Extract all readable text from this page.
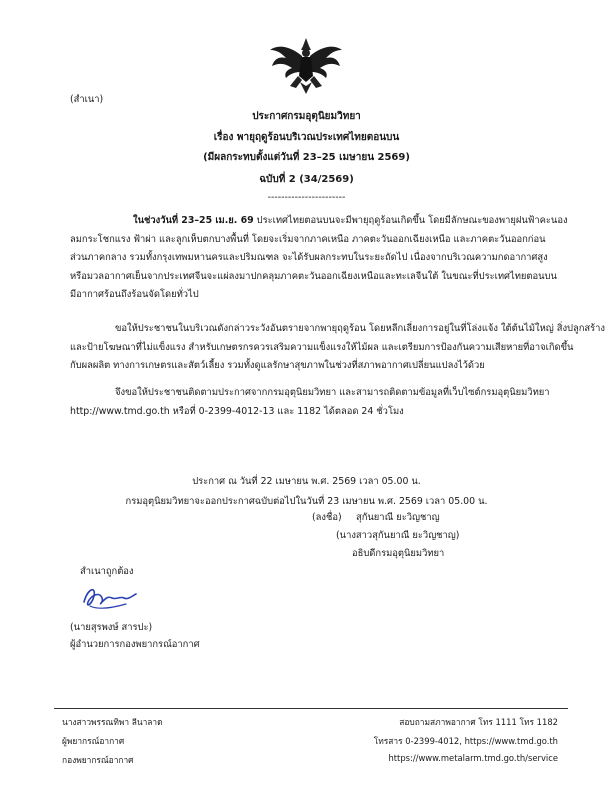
(สำเนา)
ประกาศกรมอุตุนิยมวิทยา
เรื่อง พายุฤดูร้อนบริเวณประเทศไทยตอนบน
(มีผลกระทบตั้งแต่วันที่ 23–25 เมษายน 2569)
ฉบับที่ 2 (34/2569)
-----------------------
ในช่วงวันที่ 23–25 เม.ย. 69 ประเทศไทยตอนบนจะมีพายุฤดูร้อนเกิดขึ้น โดยมีลักษณะของพายุฝนฟ้าคะนอง
ลมกระโชกแรง ฟ้าผ่า และลูกเห็บตกบางพื้นที่ โดยจะเริ่มจากภาคเหนือ ภาคตะวันออกเฉียงเหนือ และภาคตะวันออกก่อน
ส่วนภาคกลาง รวมทั้งกรุงเทพมหานครและปริมณฑล จะได้รับผลกระทบในระยะถัดไป เนื่องจากบริเวณความกดอากาศสูง
หรือมวลอากาศเย็นจากประเทศจีนจะแผ่ลงมาปกคลุมภาคตะวันออกเฉียงเหนือและทะเลจีนใต้ ในขณะที่ประเทศไทยตอนบน
มีอากาศร้อนถึงร้อนจัดโดยทั่วไป
ขอให้ประชาชนในบริเวณดังกล่าวระวังอันตรายจากพายุฤดูร้อน โดยหลีกเลี่ยงการอยู่ในที่โล่งแจ้ง ใต้ต้นไม้ใหญ่ สิ่งปลูกสร้าง
และป้ายโฆษณาที่ไม่แข็งแรง สำหรับเกษตรกรควรเสริมความแข็งแรงให้ไม้ผล และเตรียมการป้องกันความเสียหายที่อาจเกิดขึ้น
กับผลผลิต ทางการเกษตรและสัตว์เลี้ยง รวมทั้งดูแลรักษาสุขภาพในช่วงที่สภาพอากาศเปลี่ยนแปลงไว้ด้วย
จึงขอให้ประชาชนติดตามประกาศจากกรมอุตุนิยมวิทยา และสามารถติดตามข้อมูลที่เว็บไซต์กรมอุตุนิยมวิทยา
http://www.tmd.go.th หรือที่ 0-2399-4012-13 และ 1182 ได้ตลอด 24 ชั่วโมง
ประกาศ ณ วันที่ 22 เมษายน พ.ศ. 2569 เวลา 05.00 น.
กรมอุตุนิยมวิทยาจะออกประกาศฉบับต่อไปในวันที่ 23 เมษายน พ.ศ. 2569 เวลา 05.00 น.
(ลงชื่อ) สุกันยาณี ยะวิญชาญ
(นางสาวสุกันยาณี ยะวิญชาญ)
อธิบดีกรมอุตุนิยมวิทยา
สำเนาถูกต้อง
(นายสุรพงษ์ สารปะ)
ผู้อำนวยการกองพยากรณ์อากาศ
นางสาวพรรณทิพา ลีนาลาด
ผู้พยากรณ์อากาศ
กองพยากรณ์อากาศ
สอบถามสภาพอากาศ โทร 1111 โทร 1182
โทรสาร 0-2399-4012, https://www.tmd.go.th
https://www.metalarm.tmd.go.th/service
